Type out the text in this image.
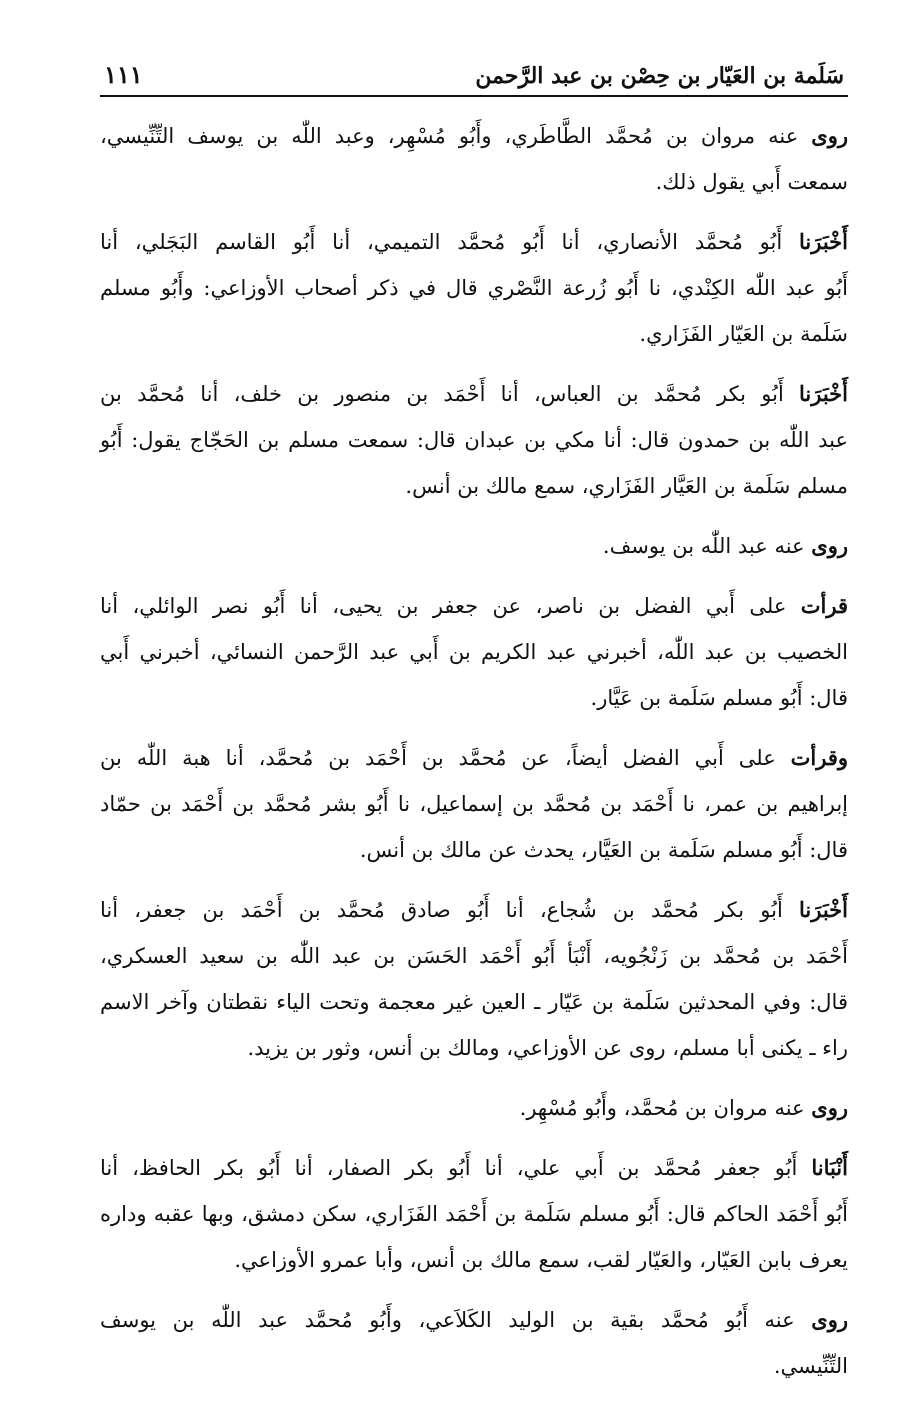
سَلَمة بن العَيّار بن حِصْن بن عبد الرَّحمن
١١١
روى عنه مروان بن مُحمَّد الطَّاطَري، وأَبُو مُسْهِر، وعبد اللّٰه بن يوسف التِّنِّيسي،
سمعت أَبي يقول ذلك.
أَخْبَرَنا أَبُو مُحمَّد الأنصاري، أنا أَبُو مُحمَّد التميمي، أنا أَبُو القاسم البَجَلي، أنا
أَبُو عبد اللّٰه الكِنْدي، نا أَبُو زُرعة النَّصْري قال في ذكر أصحاب الأوزاعي: وأَبُو مسلم
سَلَمة بن العَيّار الفَزَاري.
أَخْبَرَنا أَبُو بكر مُحمَّد بن العباس، أنا أَحْمَد بن منصور بن خلف، أنا مُحمَّد بن
عبد اللّٰه بن حمدون قال: أنا مكي بن عبدان قال: سمعت مسلم بن الحَجّاج يقول: أَبُو
مسلم سَلَمة بن العَيَّار الفَزَاري، سمع مالك بن أنس.
روى عنه عبد اللّٰه بن يوسف.
قرأت على أَبي الفضل بن ناصر، عن جعفر بن يحيى، أنا أَبُو نصر الوائلي، أنا
الخصيب بن عبد اللّٰه، أخبرني عبد الكريم بن أَبي عبد الرَّحمن النسائي، أخبرني أَبي
قال: أَبُو مسلم سَلَمة بن عَيَّار.
وقرأت على أَبي الفضل أيضاً، عن مُحمَّد بن أَحْمَد بن مُحمَّد، أنا هبة اللّٰه بن
إبراهيم بن عمر، نا أَحْمَد بن مُحمَّد بن إسماعيل، نا أَبُو بشر مُحمَّد بن أَحْمَد بن حمّاد
قال: أَبُو مسلم سَلَمة بن العَيَّار، يحدث عن مالك بن أنس.
أَخْبَرَنا أَبُو بكر مُحمَّد بن شُجاع، أنا أَبُو صادق مُحمَّد بن أَحْمَد بن جعفر، أنا
أَحْمَد بن مُحمَّد بن زَنْجُويه، أَنْبَأ أَبُو أَحْمَد الحَسَن بن عبد اللّٰه بن سعيد العسكري،
قال: وفي المحدثين سَلَمة بن عَيّار ـ العين غير معجمة وتحت الياء نقطتان وآخر الاسم
راء ـ يكنى أبا مسلم، روى عن الأوزاعي، ومالك بن أنس، وثور بن يزيد.
روى عنه مروان بن مُحمَّد، وأَبُو مُسْهِر.
أَنْبَانا أَبُو جعفر مُحمَّد بن أَبي علي، أنا أَبُو بكر الصفار، أنا أَبُو بكر الحافظ، أنا
أَبُو أَحْمَد الحاكم قال: أَبُو مسلم سَلَمة بن أَحْمَد الفَزَاري، سكن دمشق، وبها عقبه وداره
يعرف بابن العَيّار، والعَيّار لقب، سمع مالك بن أنس، وأبا عمرو الأوزاعي.
روى عنه أَبُو مُحمَّد بقية بن الوليد الكَلاَعي، وأَبُو مُحمَّد عبد اللّٰه بن يوسف
التِّنِّيسي.
